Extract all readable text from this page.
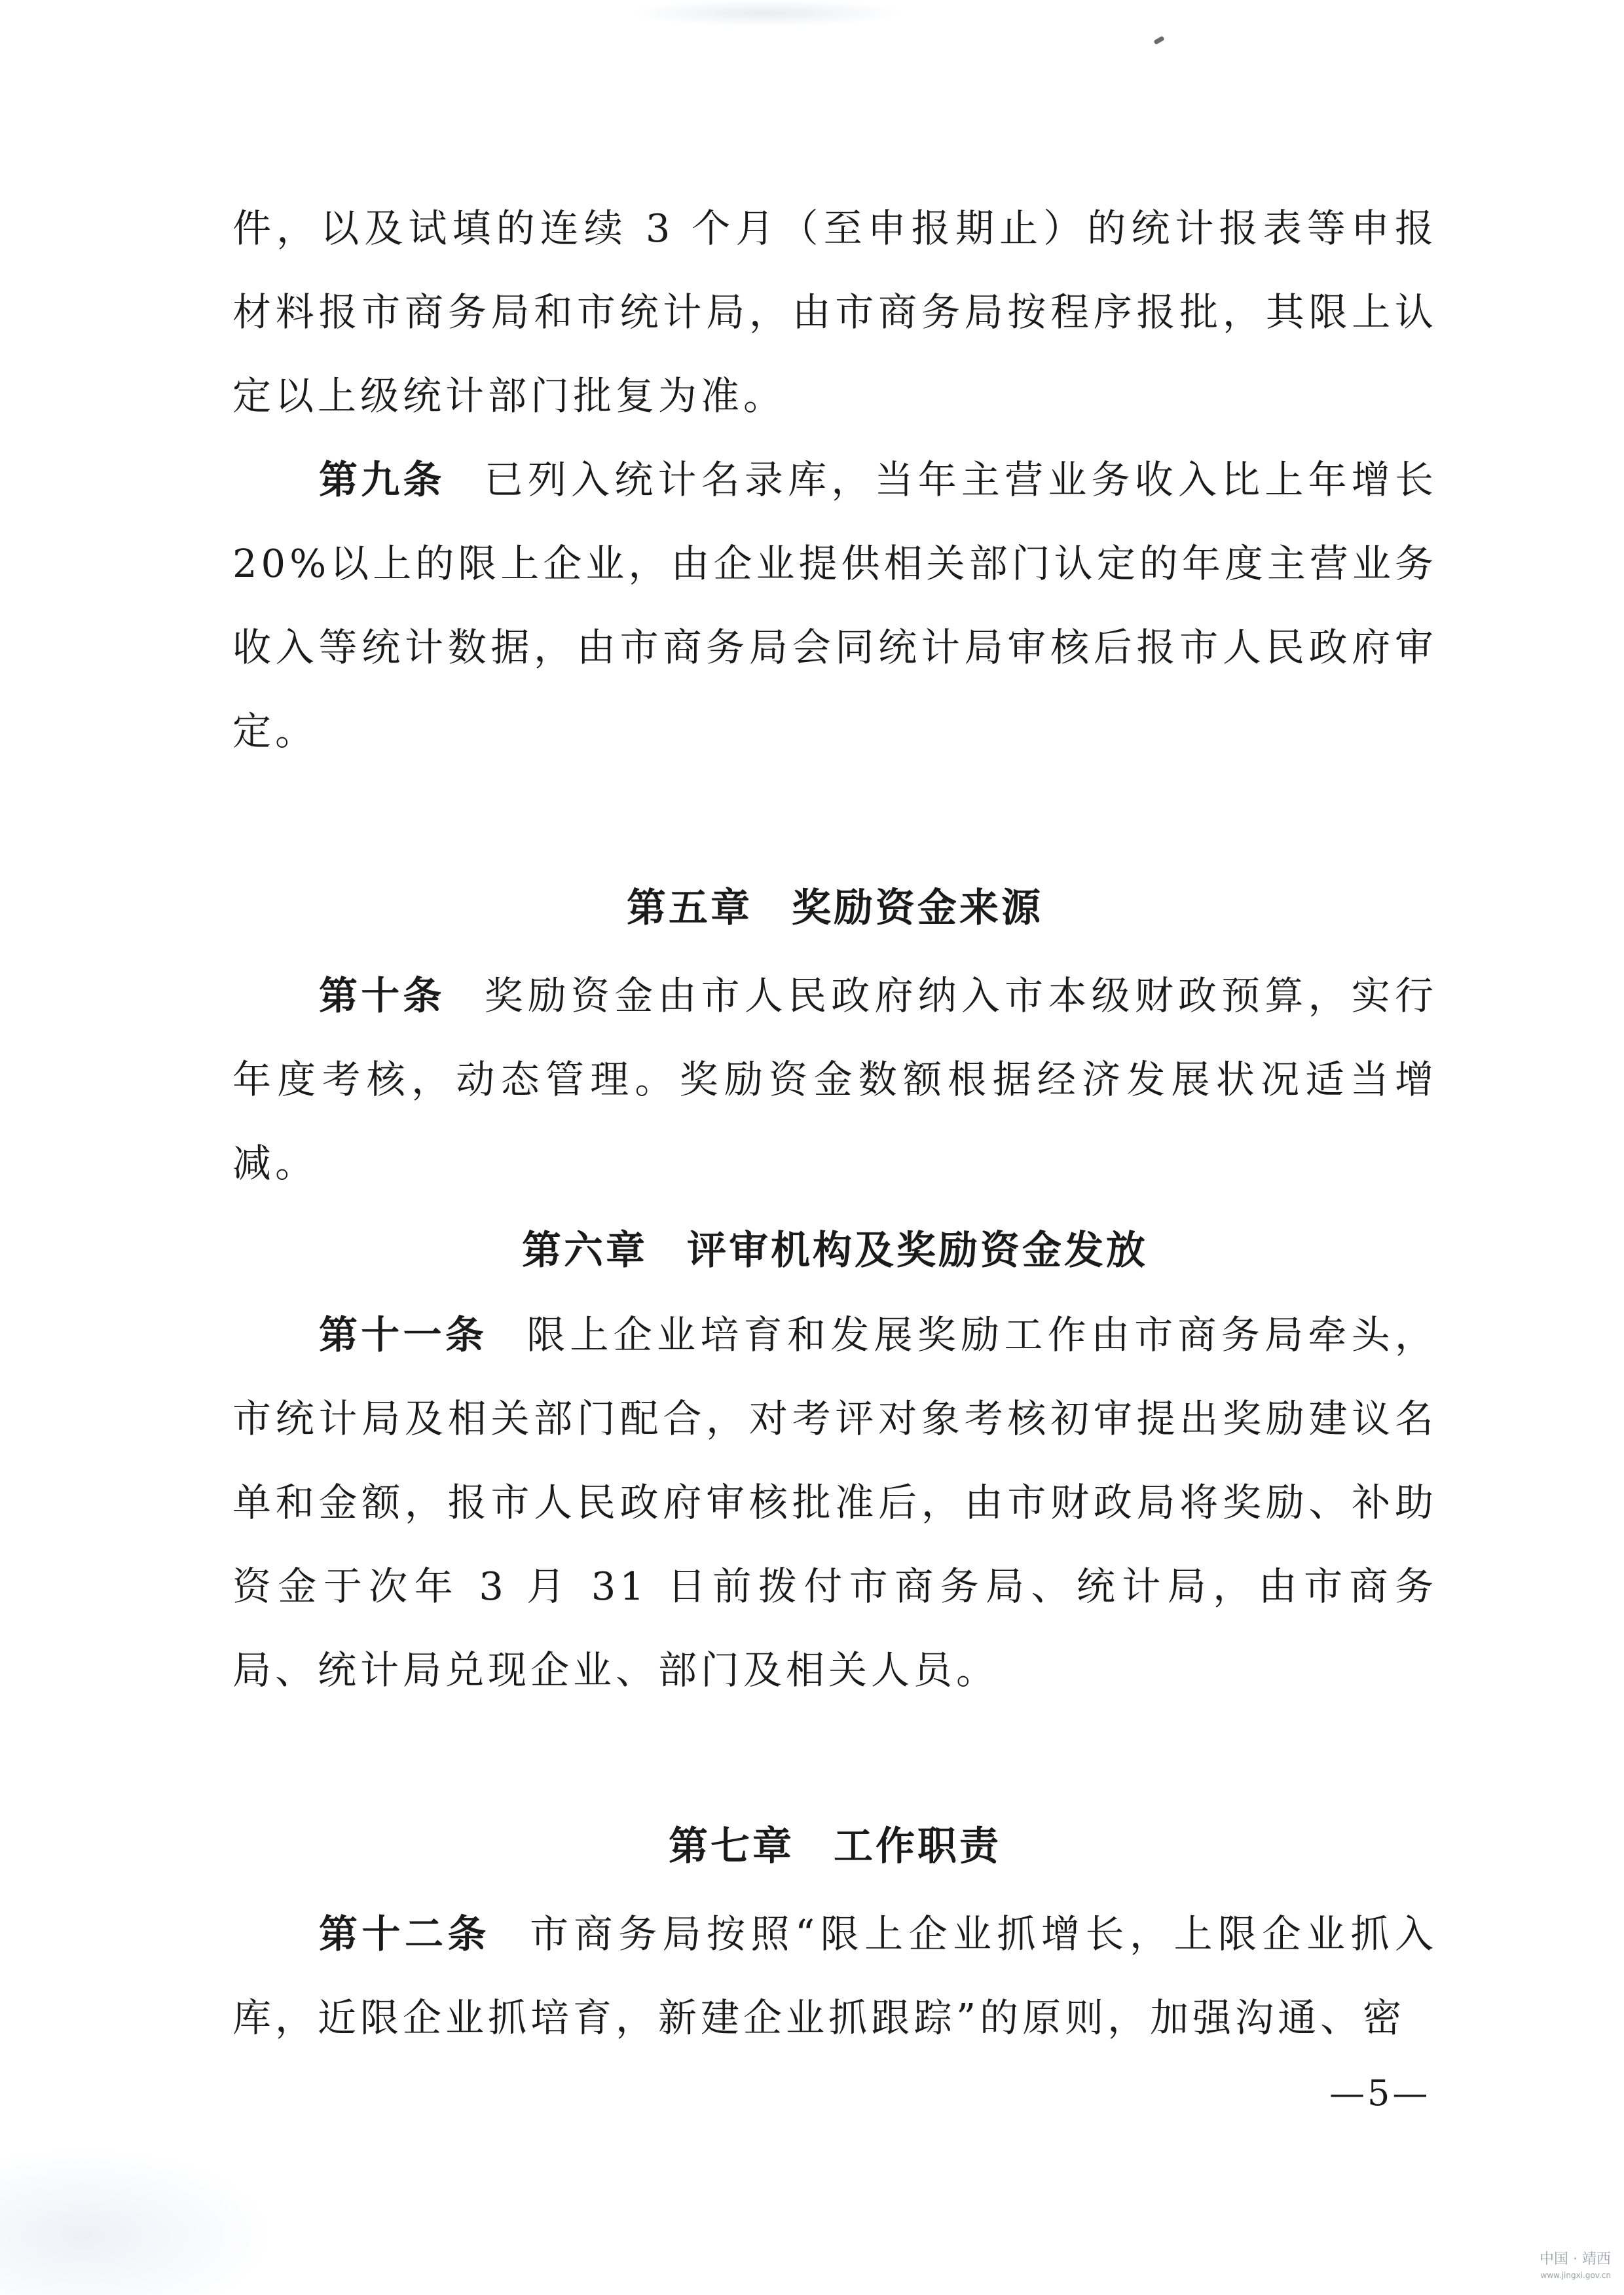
件，以及试填的连续 3 个月（至申报期止）的统计报表等申报材料报市商务局和市统计局，由市商务局按程序报批，其限上认定以上级统计部门批复为准。

第九条 已列入统计名录库，当年主营业务收入比上年增长 20%以上的限上企业，由企业提供相关部门认定的年度主营业务收入等统计数据，由市商务局会同统计局审核后报市人民政府审定。

第五章 奖励资金来源

第十条 奖励资金由市人民政府纳入市本级财政预算，实行年度考核，动态管理。奖励资金数额根据经济发展状况适当增减。

第六章 评审机构及奖励资金发放

第十一条 限上企业培育和发展奖励工作由市商务局牵头，市统计局及相关部门配合，对考评对象考核初审提出奖励建议名单和金额，报市人民政府审核批准后，由市财政局将奖励、补助资金于次年 3 月 31 日前拨付市商务局、统计局，由市商务局、统计局兑现企业、部门及相关人员。

第七章 工作职责

第十二条 市商务局按照“限上企业抓增长，上限企业抓入库，近限企业抓培育，新建企业抓跟踪”的原则，加强沟通、密

—5—
中国 · 靖西
www.jingxi.gov.cn
